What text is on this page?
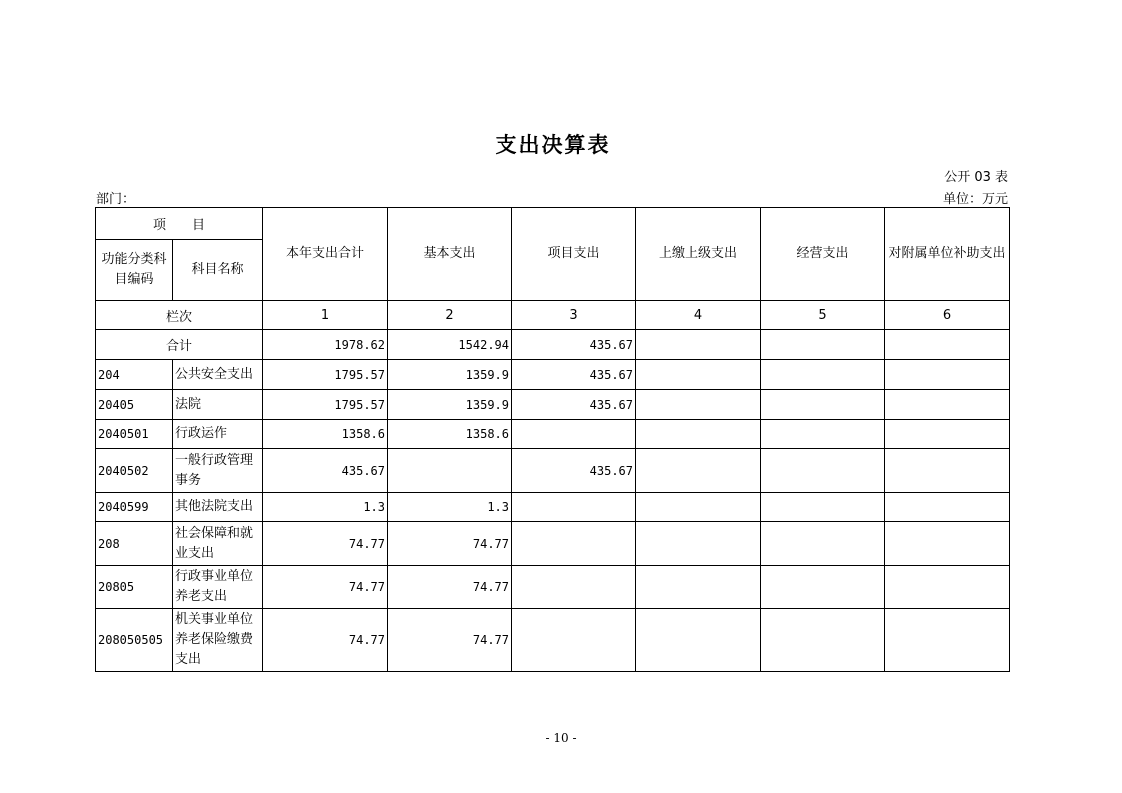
支出决算表
公开 03 表
部门：	单位：万元
项　　目		本年支出合计	基本支出	项目支出	上缴上级支出	经营支出	对附属单位补助支出
功能分类科目编码	科目名称						
栏次		1	2	3	4	5	6
合计		1978.62	1542.94	435.67			
204	公共安全支出	1795.57	1359.9	435.67			
20405	法院	1795.57	1359.9	435.67			
2040501	行政运作	1358.6	1358.6				
2040502	一般行政管理事务	435.67		435.67			
2040599	其他法院支出	1.3	1.3				
208	社会保障和就业支出	74.77	74.77				
20805	行政事业单位养老支出	74.77	74.77				
208050505	机关事业单位养老保险缴费支出	74.77	74.77				
- 10 -
